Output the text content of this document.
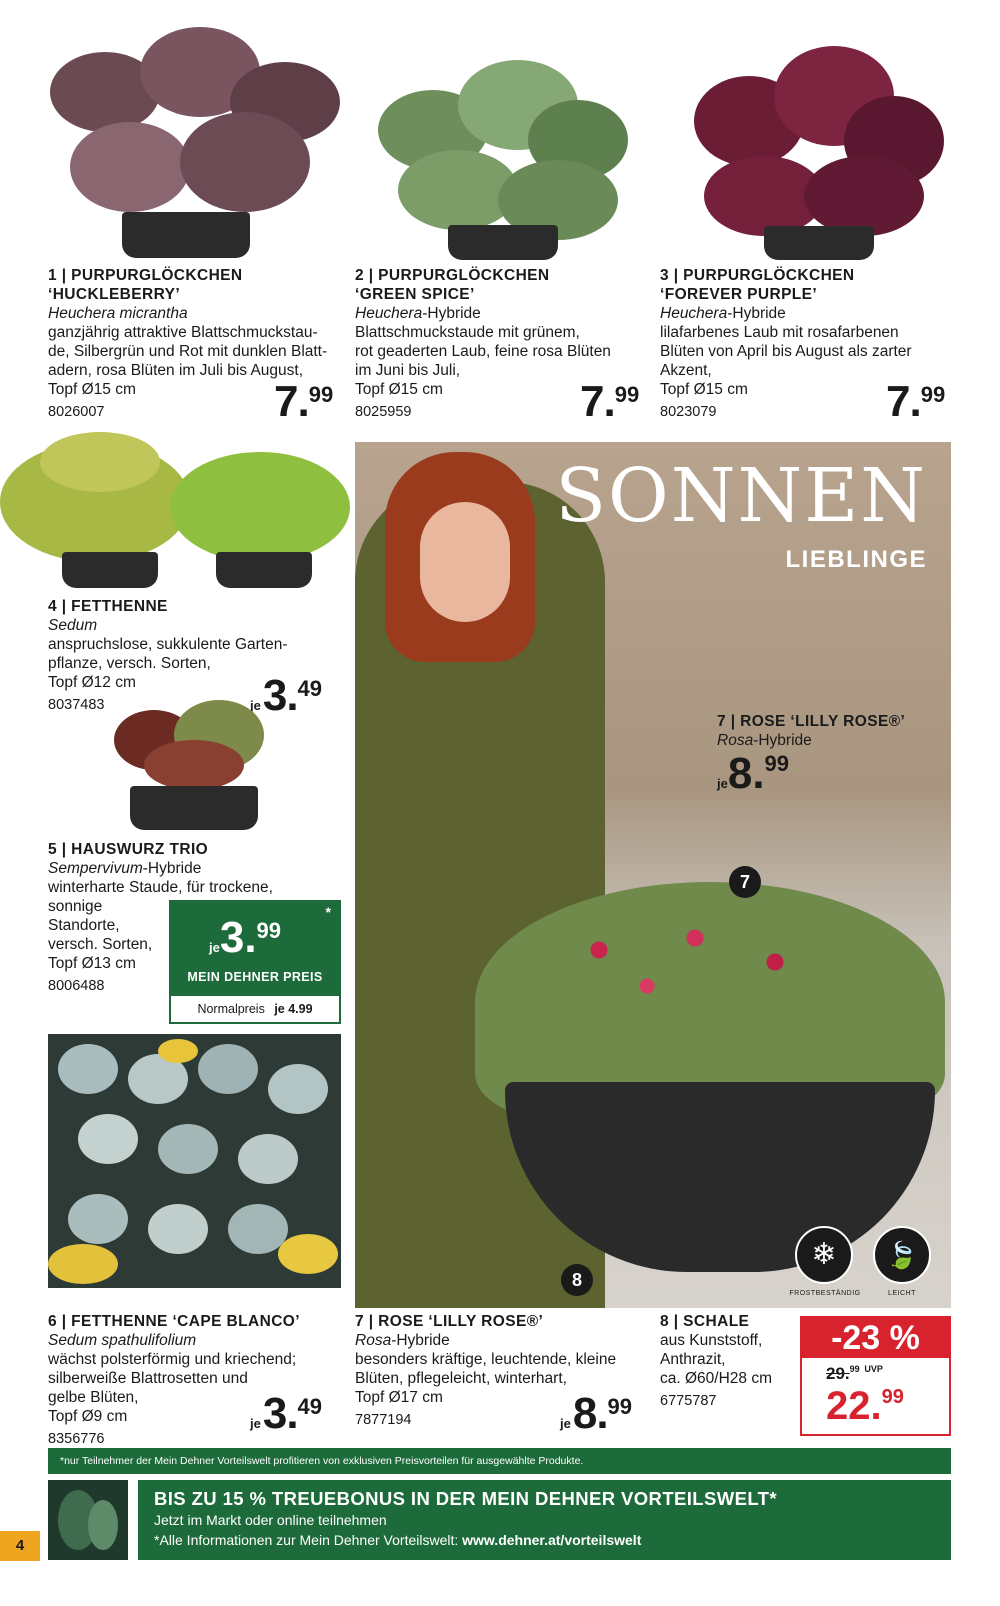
1 | PURPURGLÖCKCHEN
‘HUCKLEBERRY’
Heuchera micrantha
ganzjährig attraktive Blattschmuckstau-
de, Silbergrün und Rot mit dunklen Blatt-
adern, rosa Blüten im Juli bis August,
Topf Ø15 cm
8026007	7.99
2 | PURPURGLÖCKCHEN
‘GREEN SPICE’
Heuchera-Hybride
Blattschmuckstaude mit grünem,
rot geaderten Laub, feine rosa Blüten
im Juni bis Juli,
Topf Ø15 cm
8025959	7.99
3 | PURPURGLÖCKCHEN
‘FOREVER PURPLE’
Heuchera-Hybride
lilafarbenes Laub mit rosafarbenen
Blüten von April bis August als zarter
Akzent,
Topf Ø15 cm
8023079	7.99
4 | FETTHENNE
Sedum
anspruchslose, sukkulente Garten-
pflanze, versch. Sorten,
Topf Ø12 cm
8037483	je3.49
5 | HAUSWURZ TRIO
Sempervivum-Hybride
winterharte Staude, für trockene,
sonnige
Standorte,
versch. Sorten,
Topf Ø13 cm
8006488
*
je3.99
MEIN DEHNER PREIS
Normalpreis je 4.99
SONNEN
LIEBLINGE
7 | ROSE ‘LILLY ROSE®’
Rosa-Hybride
je8.99
7
8
❄
FROSTBESTÄNDIG
🍃
LEICHT
6 | FETTHENNE ‘CAPE BLANCO’
Sedum spathulifolium
wächst polsterförmig und kriechend;
silberweiße Blattrosetten und
gelbe Blüten,
Topf Ø9 cm
8356776
je3.49
7 | ROSE ‘LILLY ROSE®’
Rosa-Hybride
besonders kräftige, leuchtende, kleine
Blüten, pflegeleicht, winterhart,
Topf Ø17 cm
7877194	je8.99
8 | SCHALE
aus Kunststoff,
Anthrazit,
ca. Ø60/H28 cm
6775787
-23 %
29.99 $^{UVP}$
22.99
*nur Teilnehmer der Mein Dehner Vorteilswelt profitieren von exklusiven Preisvorteilen für ausgewählte Produkte.
BIS ZU 15 % TREUEBONUS IN DER MEIN DEHNER VORTEILSWELT*
Jetzt im Markt oder online teilnehmen
*Alle Informationen zur Mein Dehner Vorteilswelt: www.dehner.at/vorteilswelt
4
